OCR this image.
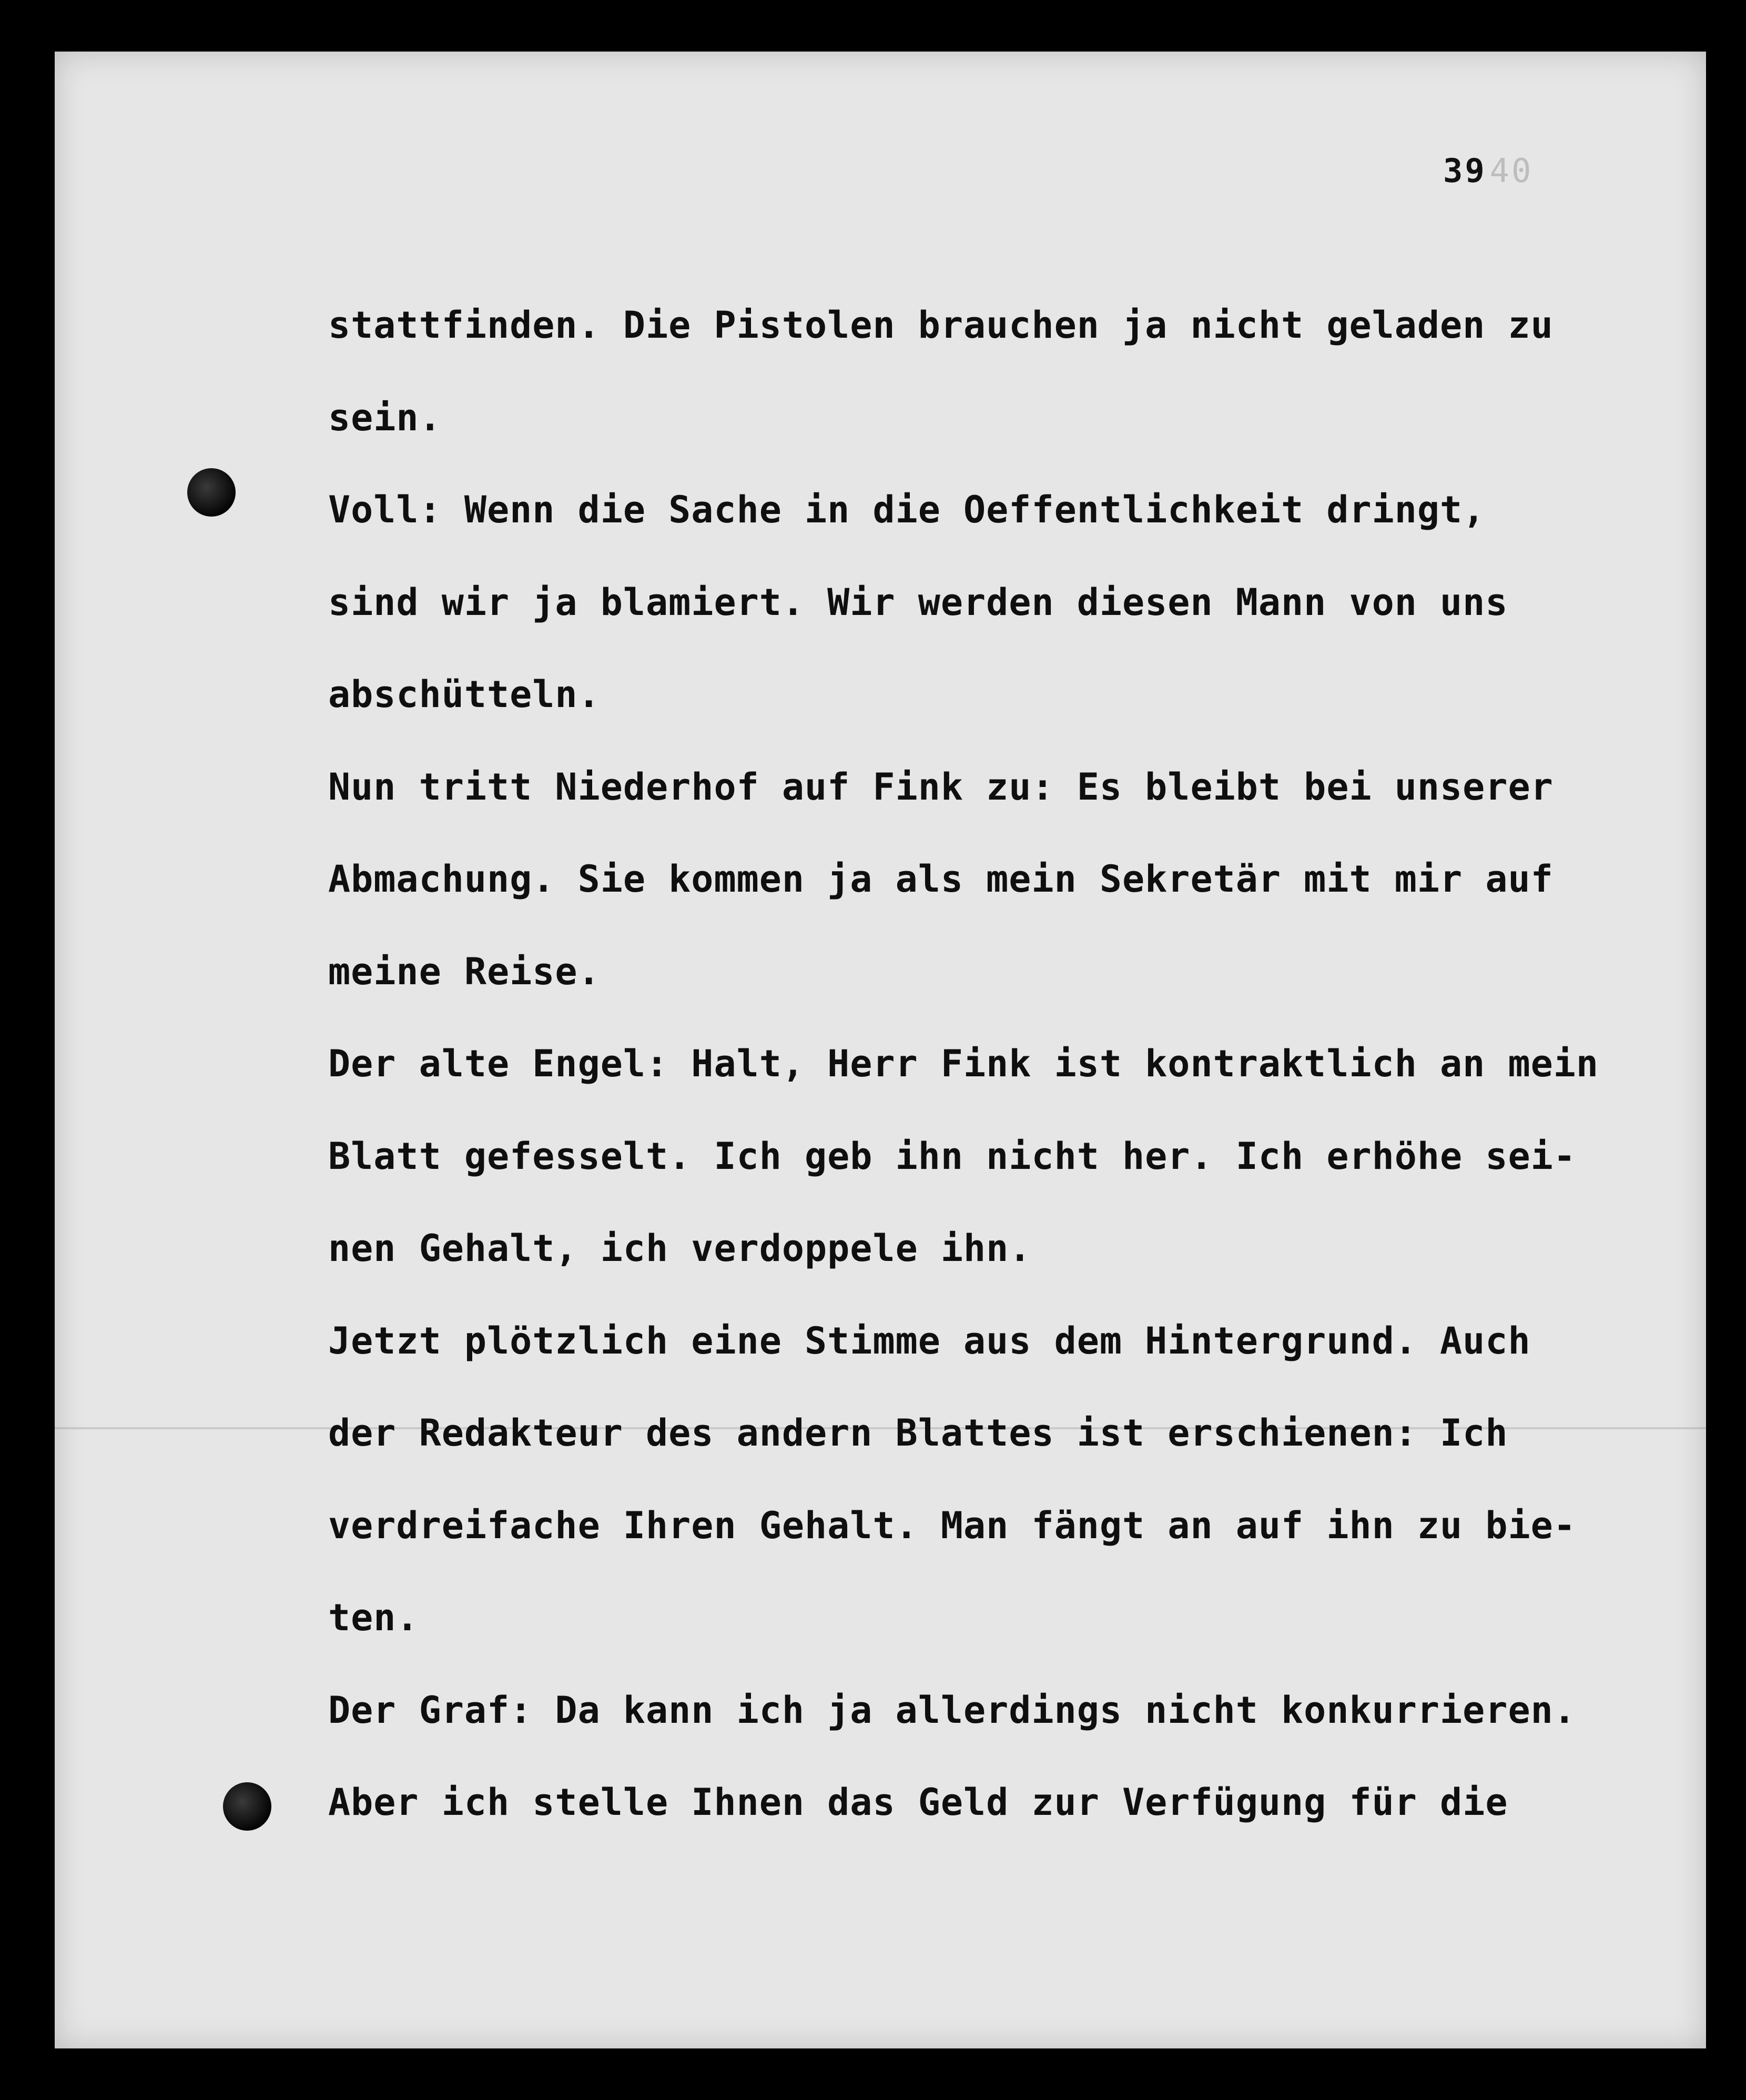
3940
stattfinden. Die Pistolen brauchen ja nicht geladen zu
sein.
Voll: Wenn die Sache in die Oeffentlichkeit dringt,
sind wir ja blamiert. Wir werden diesen Mann von uns
abschütteln.
Nun tritt Niederhof auf Fink zu: Es bleibt bei unserer
Abmachung. Sie kommen ja als mein Sekretär mit mir auf
meine Reise.
Der alte Engel: Halt, Herr Fink ist kontraktlich an mein
Blatt gefesselt. Ich geb ihn nicht her. Ich erhöhe sei-
nen Gehalt, ich verdoppele ihn.
Jetzt plötzlich eine Stimme aus dem Hintergrund. Auch
der Redakteur des andern Blattes ist erschienen: Ich
verdreifache Ihren Gehalt. Man fängt an auf ihn zu bie-
ten.
Der Graf: Da kann ich ja allerdings nicht konkurrieren.
Aber ich stelle Ihnen das Geld zur Verfügung für die
